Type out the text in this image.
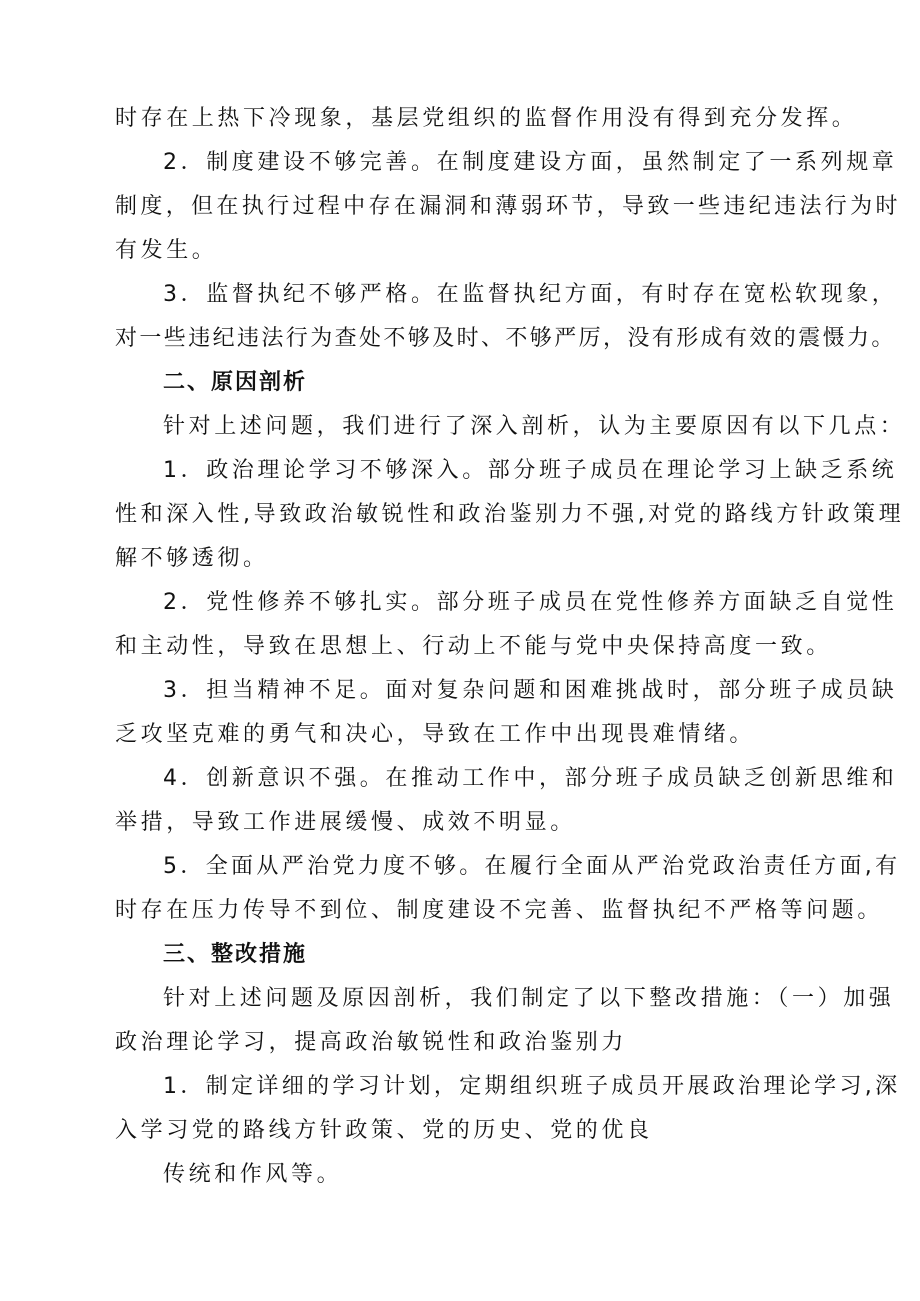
时存在上热下冷现象，基层党组织的监督作用没有得到充分发挥。
2．制度建设不够完善。在制度建设方面，虽然制定了一系列规章
制度，但在执行过程中存在漏洞和薄弱环节，导致一些违纪违法行为时
有发生。
3．监督执纪不够严格。在监督执纪方面，有时存在宽松软现象，
对一些违纪违法行为查处不够及时、不够严厉，没有形成有效的震慑力。
二、原因剖析
针对上述问题，我们进行了深入剖析，认为主要原因有以下几点：
1．政治理论学习不够深入。部分班子成员在理论学习上缺乏系统
性和深入性,导致政治敏锐性和政治鉴别力不强,对党的路线方针政策理
解不够透彻。
2．党性修养不够扎实。部分班子成员在党性修养方面缺乏自觉性
和主动性，导致在思想上、行动上不能与党中央保持高度一致。
3．担当精神不足。面对复杂问题和困难挑战时，部分班子成员缺
乏攻坚克难的勇气和决心，导致在工作中出现畏难情绪。
4．创新意识不强。在推动工作中，部分班子成员缺乏创新思维和
举措，导致工作进展缓慢、成效不明显。
5．全面从严治党力度不够。在履行全面从严治党政治责任方面,有
时存在压力传导不到位、制度建设不完善、监督执纪不严格等问题。
三、整改措施
针对上述问题及原因剖析，我们制定了以下整改措施：（一）加强
政治理论学习，提高政治敏锐性和政治鉴别力
1．制定详细的学习计划，定期组织班子成员开展政治理论学习,深
入学习党的路线方针政策、党的历史、党的优良
传统和作风等。
